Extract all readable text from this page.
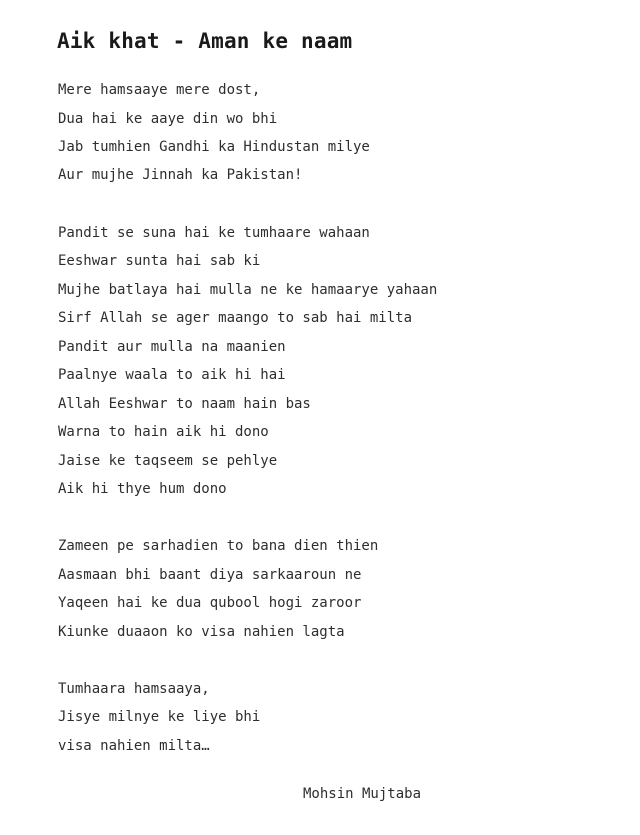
Aik khat - Aman ke naam
Mere hamsaaye mere dost,
Dua hai ke aaye din wo bhi
Jab tumhien Gandhi ka Hindustan milye
Aur mujhe Jinnah ka Pakistan!
Pandit se suna hai ke tumhaare wahaan
Eeshwar sunta hai sab ki
Mujhe batlaya hai mulla ne ke hamaarye yahaan
Sirf Allah se ager maango to sab hai milta
Pandit aur mulla na maanien
Paalnye waala to aik hi hai
Allah Eeshwar to naam hain bas
Warna to hain aik hi dono
Jaise ke taqseem se pehlye
Aik hi thye hum dono
Zameen pe sarhadien to bana dien thien
Aasmaan bhi baant diya sarkaaroun ne
Yaqeen hai ke dua qubool hogi zaroor
Kiunke duaaon ko visa nahien lagta
Tumhaara hamsaaya,
Jisye milnye ke liye bhi
visa nahien milta…
Mohsin Mujtaba
